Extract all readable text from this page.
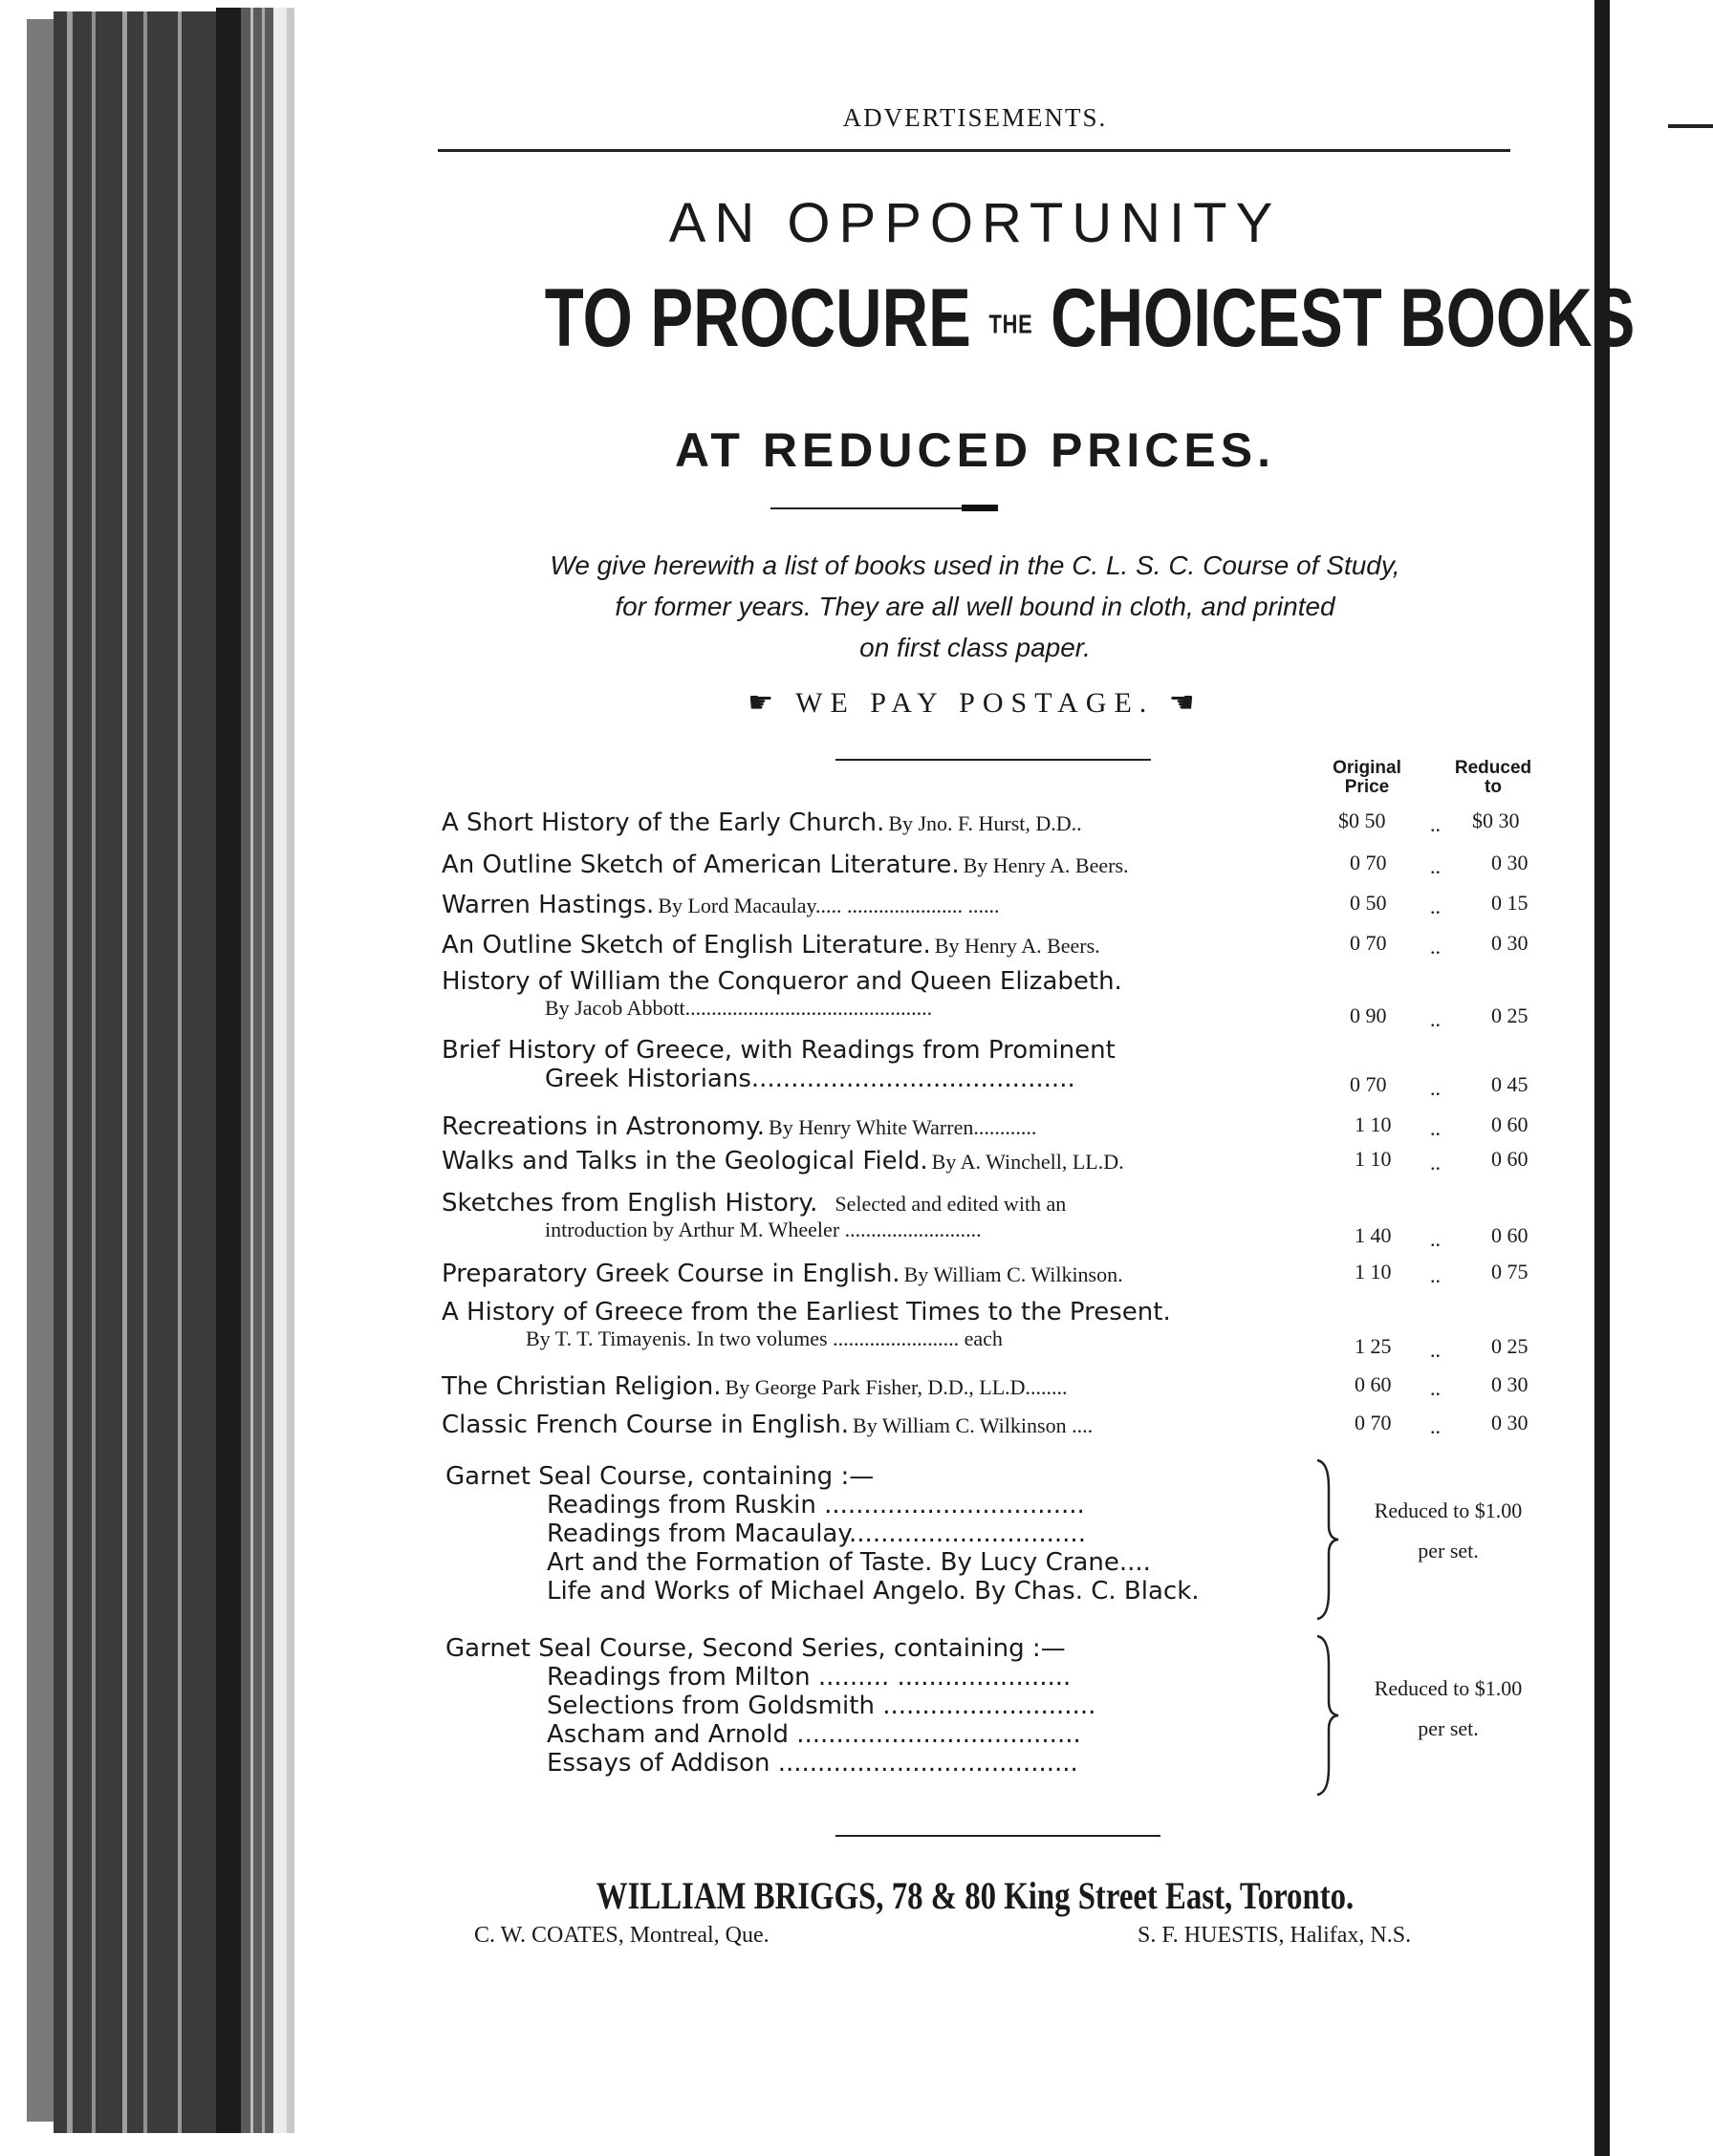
ADVERTISEMENTS.
AN OPPORTUNITY
TO PROCURE THE CHOICEST BOOKS
AT REDUCED PRICES.
We give herewith a list of books used in the C. L. S. C. Course of Study,
for former years. They are all well bound in cloth, and printed
on first class paper.
☛ WE PAY POSTAGE. ☚
Original
Price
Reduced
to
A Short History of the Early Church. By Jno. F. Hurst, D.D..	$0 50 .. $0 30
An Outline Sketch of American Literature. By Henry A. Beers.	0 70 .. 0 30
Warren Hastings. By Lord Macaulay..... ...................... ......	0 50 .. 0 15
An Outline Sketch of English Literature. By Henry A. Beers.	0 70 .. 0 30
History of William the Conqueror and Queen Elizabeth.
By Jacob Abbott...............................................	0 90 .. 0 25
Brief History of Greece, with Readings from Prominent
Greek Historians.........................................	0 70 .. 0 45
Recreations in Astronomy. By Henry White Warren............	1 10 .. 0 60
Walks and Talks in the Geological Field. By A. Winchell, LL.D.	1 10 .. 0 60
Sketches from English History. Selected and edited with an
introduction by Arthur M. Wheeler ..........................	1 40 .. 0 60
Preparatory Greek Course in English. By William C. Wilkinson.	1 10 .. 0 75
A History of Greece from the Earliest Times to the Present.
By T. T. Timayenis. In two volumes ........................ each	1 25 .. 0 25
The Christian Religion. By George Park Fisher, D.D., LL.D........	0 60 .. 0 30
Classic French Course in English. By William C. Wilkinson ....	0 70 .. 0 30
Garnet Seal Course, containing :—
Readings from Ruskin .................................
Readings from Macaulay..............................
Art and the Formation of Taste. By Lucy Crane....
Life and Works of Michael Angelo. By Chas. C. Black.
Reduced to $1.00
per set.
Garnet Seal Course, Second Series, containing :—
Readings from Milton ......... ......................
Selections from Goldsmith ...........................
Ascham and Arnold ....................................
Essays of Addison ......................................
Reduced to $1.00
per set.
WILLIAM BRIGGS, 78 & 80 King Street East, Toronto.
C. W. COATES, Montreal, Que.	S. F. HUESTIS, Halifax, N.S.
